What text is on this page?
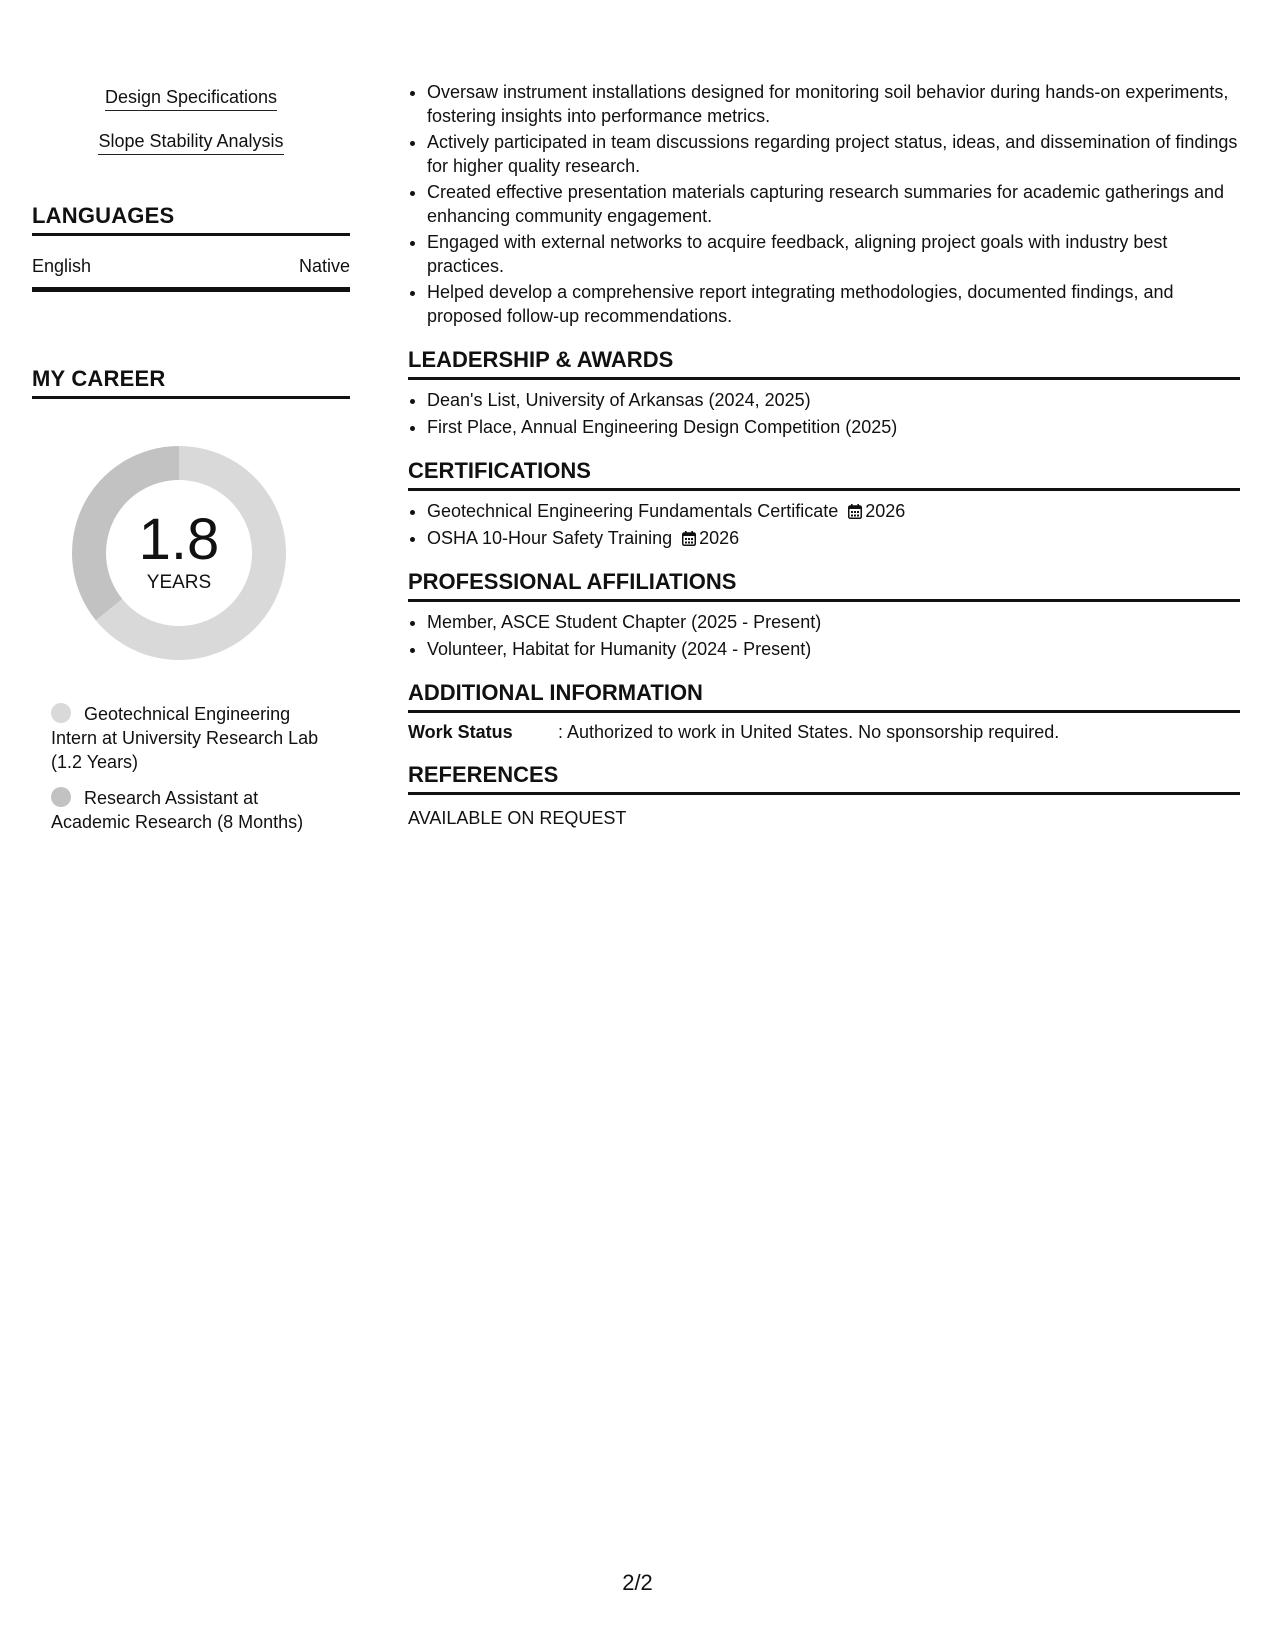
Design Specifications
Slope Stability Analysis
LANGUAGES
English	Native
MY CAREER
1.8
YEARS
Geotechnical Engineering Intern at University Research Lab (1.2 Years)
Research Assistant at Academic Research (8 Months)
• Oversaw instrument installations designed for monitoring soil behavior during hands-on experiments, fostering insights into performance metrics.
• Actively participated in team discussions regarding project status, ideas, and dissemination of findings for higher quality research.
• Created effective presentation materials capturing research summaries for academic gatherings and enhancing community engagement.
• Engaged with external networks to acquire feedback, aligning project goals with industry best practices.
• Helped develop a comprehensive report integrating methodologies, documented findings, and proposed follow-up recommendations.
LEADERSHIP & AWARDS
• Dean's List, University of Arkansas (2024, 2025)
• First Place, Annual Engineering Design Competition (2025)
CERTIFICATIONS
• Geotechnical Engineering Fundamentals Certificate 2026
• OSHA 10-Hour Safety Training 2026
PROFESSIONAL AFFILIATIONS
• Member, ASCE Student Chapter (2025 - Present)
• Volunteer, Habitat for Humanity (2024 - Present)
ADDITIONAL INFORMATION
Work Status	: Authorized to work in United States. No sponsorship required.
REFERENCES
AVAILABLE ON REQUEST
2/2
